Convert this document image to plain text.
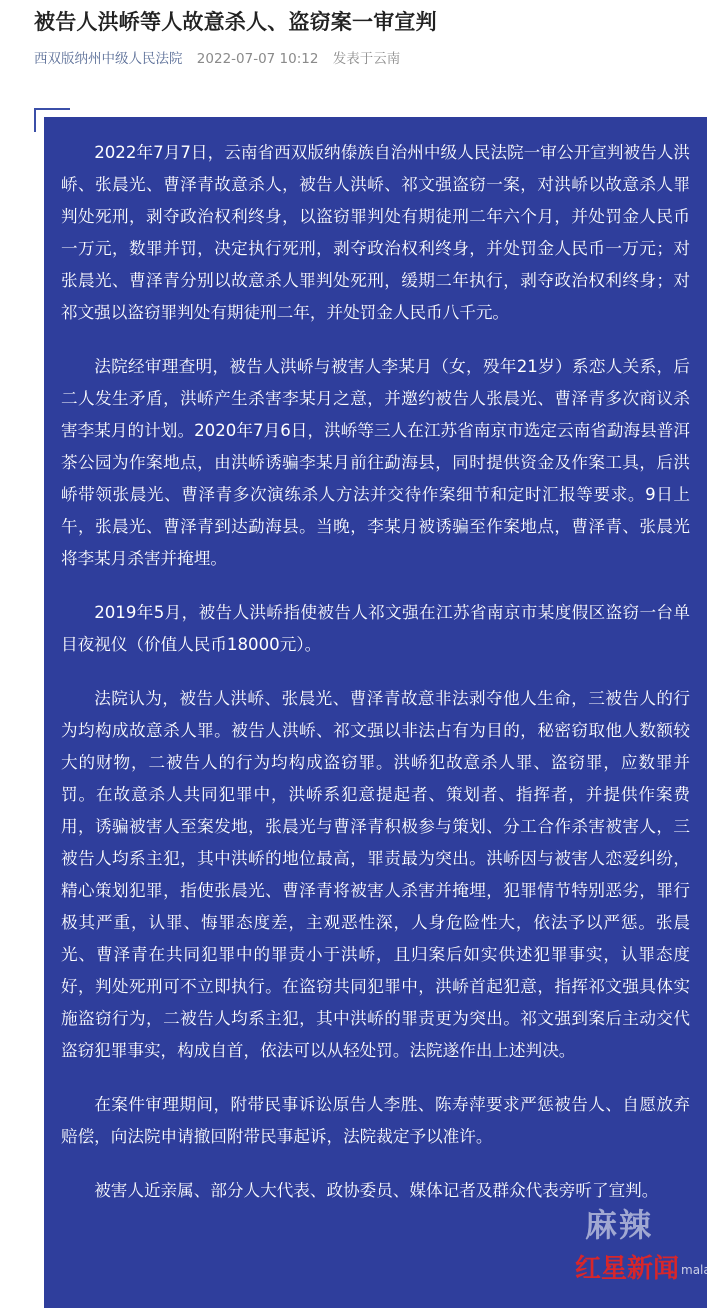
被告人洪峤等人故意杀人、盗窃案一审宣判
西双版纳州中级人民法院 2022-07-07 10:12 发表于云南

2022年7月7日，云南省西双版纳傣族自治州中级人民法院一审公开宣判被告人洪峤、张晨光、曹泽青故意杀人，被告人洪峤、祁文强盗窃一案，对洪峤以故意杀人罪判处死刑，剥夺政治权利终身，以盗窃罪判处有期徒刑二年六个月，并处罚金人民币一万元，数罪并罚，决定执行死刑，剥夺政治权利终身，并处罚金人民币一万元；对张晨光、曹泽青分别以故意杀人罪判处死刑，缓期二年执行，剥夺政治权利终身；对祁文强以盗窃罪判处有期徒刑二年，并处罚金人民币八千元。

法院经审理查明，被告人洪峤与被害人李某月（女，殁年21岁）系恋人关系，后二人发生矛盾，洪峤产生杀害李某月之意，并邀约被告人张晨光、曹泽青多次商议杀害李某月的计划。2020年7月6日，洪峤等三人在江苏省南京市选定云南省勐海县普洱茶公园为作案地点，由洪峤诱骗李某月前往勐海县，同时提供资金及作案工具，后洪峤带领张晨光、曹泽青多次演练杀人方法并交待作案细节和定时汇报等要求。9日上午，张晨光、曹泽青到达勐海县。当晚，李某月被诱骗至作案地点，曹泽青、张晨光将李某月杀害并掩埋。

2019年5月，被告人洪峤指使被告人祁文强在江苏省南京市某度假区盗窃一台单目夜视仪（价值人民币18000元）。

法院认为，被告人洪峤、张晨光、曹泽青故意非法剥夺他人生命，三被告人的行为均构成故意杀人罪。被告人洪峤、祁文强以非法占有为目的，秘密窃取他人数额较大的财物，二被告人的行为均构成盗窃罪。洪峤犯故意杀人罪、盗窃罪，应数罪并罚。在故意杀人共同犯罪中，洪峤系犯意提起者、策划者、指挥者，并提供作案费用，诱骗被害人至案发地，张晨光与曹泽青积极参与策划、分工合作杀害被害人，三被告人均系主犯，其中洪峤的地位最高，罪责最为突出。洪峤因与被害人恋爱纠纷，精心策划犯罪，指使张晨光、曹泽青将被害人杀害并掩埋，犯罪情节特别恶劣，罪行极其严重，认罪、悔罪态度差，主观恶性深，人身危险性大，依法予以严惩。张晨光、曹泽青在共同犯罪中的罪责小于洪峤，且归案后如实供述犯罪事实，认罪态度好，判处死刑可不立即执行。在盗窃共同犯罪中，洪峤首起犯意，指挥祁文强具体实施盗窃行为，二被告人均系主犯，其中洪峤的罪责更为突出。祁文强到案后主动交代盗窃犯罪事实，构成自首，依法可以从轻处罚。法院遂作出上述判决。

在案件审理期间，附带民事诉讼原告人李胜、陈寿萍要求严惩被告人、自愿放弃赔偿，向法院申请撤回附带民事起诉，法院裁定予以准许。

被害人近亲属、部分人大代表、政协委员、媒体记者及群众代表旁听了宣判。

麻辣
红星新闻 mala
